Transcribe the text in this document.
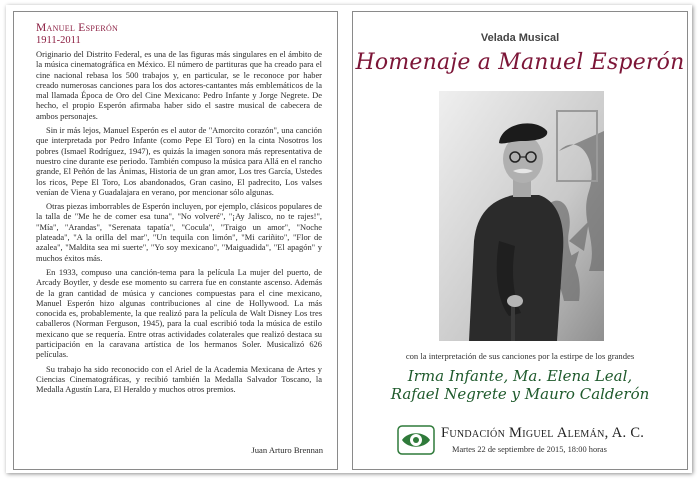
Manuel Esperón
1911-2011

Originario del Distrito Federal, es una de las figuras más singulares en el ámbito de la música cinematográfica en México. El número de partituras que ha creado para el cine nacional rebasa los 500 trabajos y, en particular, se le reconoce por haber creado numerosas canciones para los dos actores-cantantes más emblemáticos de la mal llamada Época de Oro del Cine Mexicano: Pedro Infante y Jorge Negrete. De hecho, el propio Esperón afirmaba haber sido el sastre musical de cabecera de ambos personajes.

Sin ir más lejos, Manuel Esperón es el autor de "Amorcito corazón", una canción que interpretada por Pedro Infante (como Pepe El Toro) en la cinta Nosotros los pobres (Ismael Rodríguez, 1947), es quizás la imagen sonora más representativa de nuestro cine durante ese periodo. También compuso la música para Allá en el rancho grande, El Peñón de las Ánimas, Historia de un gran amor, Los tres García, Ustedes los ricos, Pepe El Toro, Los abandonados, Gran casino, El padrecito, Los valses venían de Viena y Guadalajara en verano, por mencionar sólo algunas.

Otras piezas imborrables de Esperón incluyen, por ejemplo, clásicos populares de la talla de "Me he de comer esa tuna", "No volveré", "¡Ay Jalisco, no te rajes!", "Mía", "Arandas", "Serenata tapatía", "Cocula", "Traigo un amor", "Noche plateada", "A la orilla del mar", "Un tequila con limón", "Mi cariñito", "Flor de azalea", "Maldita sea mi suerte", "Yo soy mexicano", "Maiguadida", "El apagón" y muchos éxitos más.

En 1933, compuso una canción-tema para la película La mujer del puerto, de Arcady Boytler, y desde ese momento su carrera fue en constante ascenso. Además de la gran cantidad de música y canciones compuestas para el cine mexicano, Manuel Esperón hizo algunas contribuciones al cine de Hollywood. La más conocida es, probablemente, la que realizó para la película de Walt Disney Los tres caballeros (Norman Ferguson, 1945), para la cual escribió toda la música de estilo mexicano que se requería. Entre otras actividades colaterales que realizó destaca su participación en la caravana artística de los hermanos Soler. Musicalizó 626 películas.

Su trabajo ha sido reconocido con el Ariel de la Academia Mexicana de Artes y Ciencias Cinematográficas, y recibió también la Medalla Salvador Toscano, la Medalla Agustín Lara, El Heraldo y muchos otros premios.

Juan Arturo Brennan
Velada Musical
Homenaje a Manuel Esperón
con la interpretación de sus canciones por la estirpe de los grandes
Irma Infante, Ma. Elena Leal,
Rafael Negrete y Mauro Calderón
Fundación Miguel Alemán, A. C.
Martes 22 de septiembre de 2015, 18:00 horas
